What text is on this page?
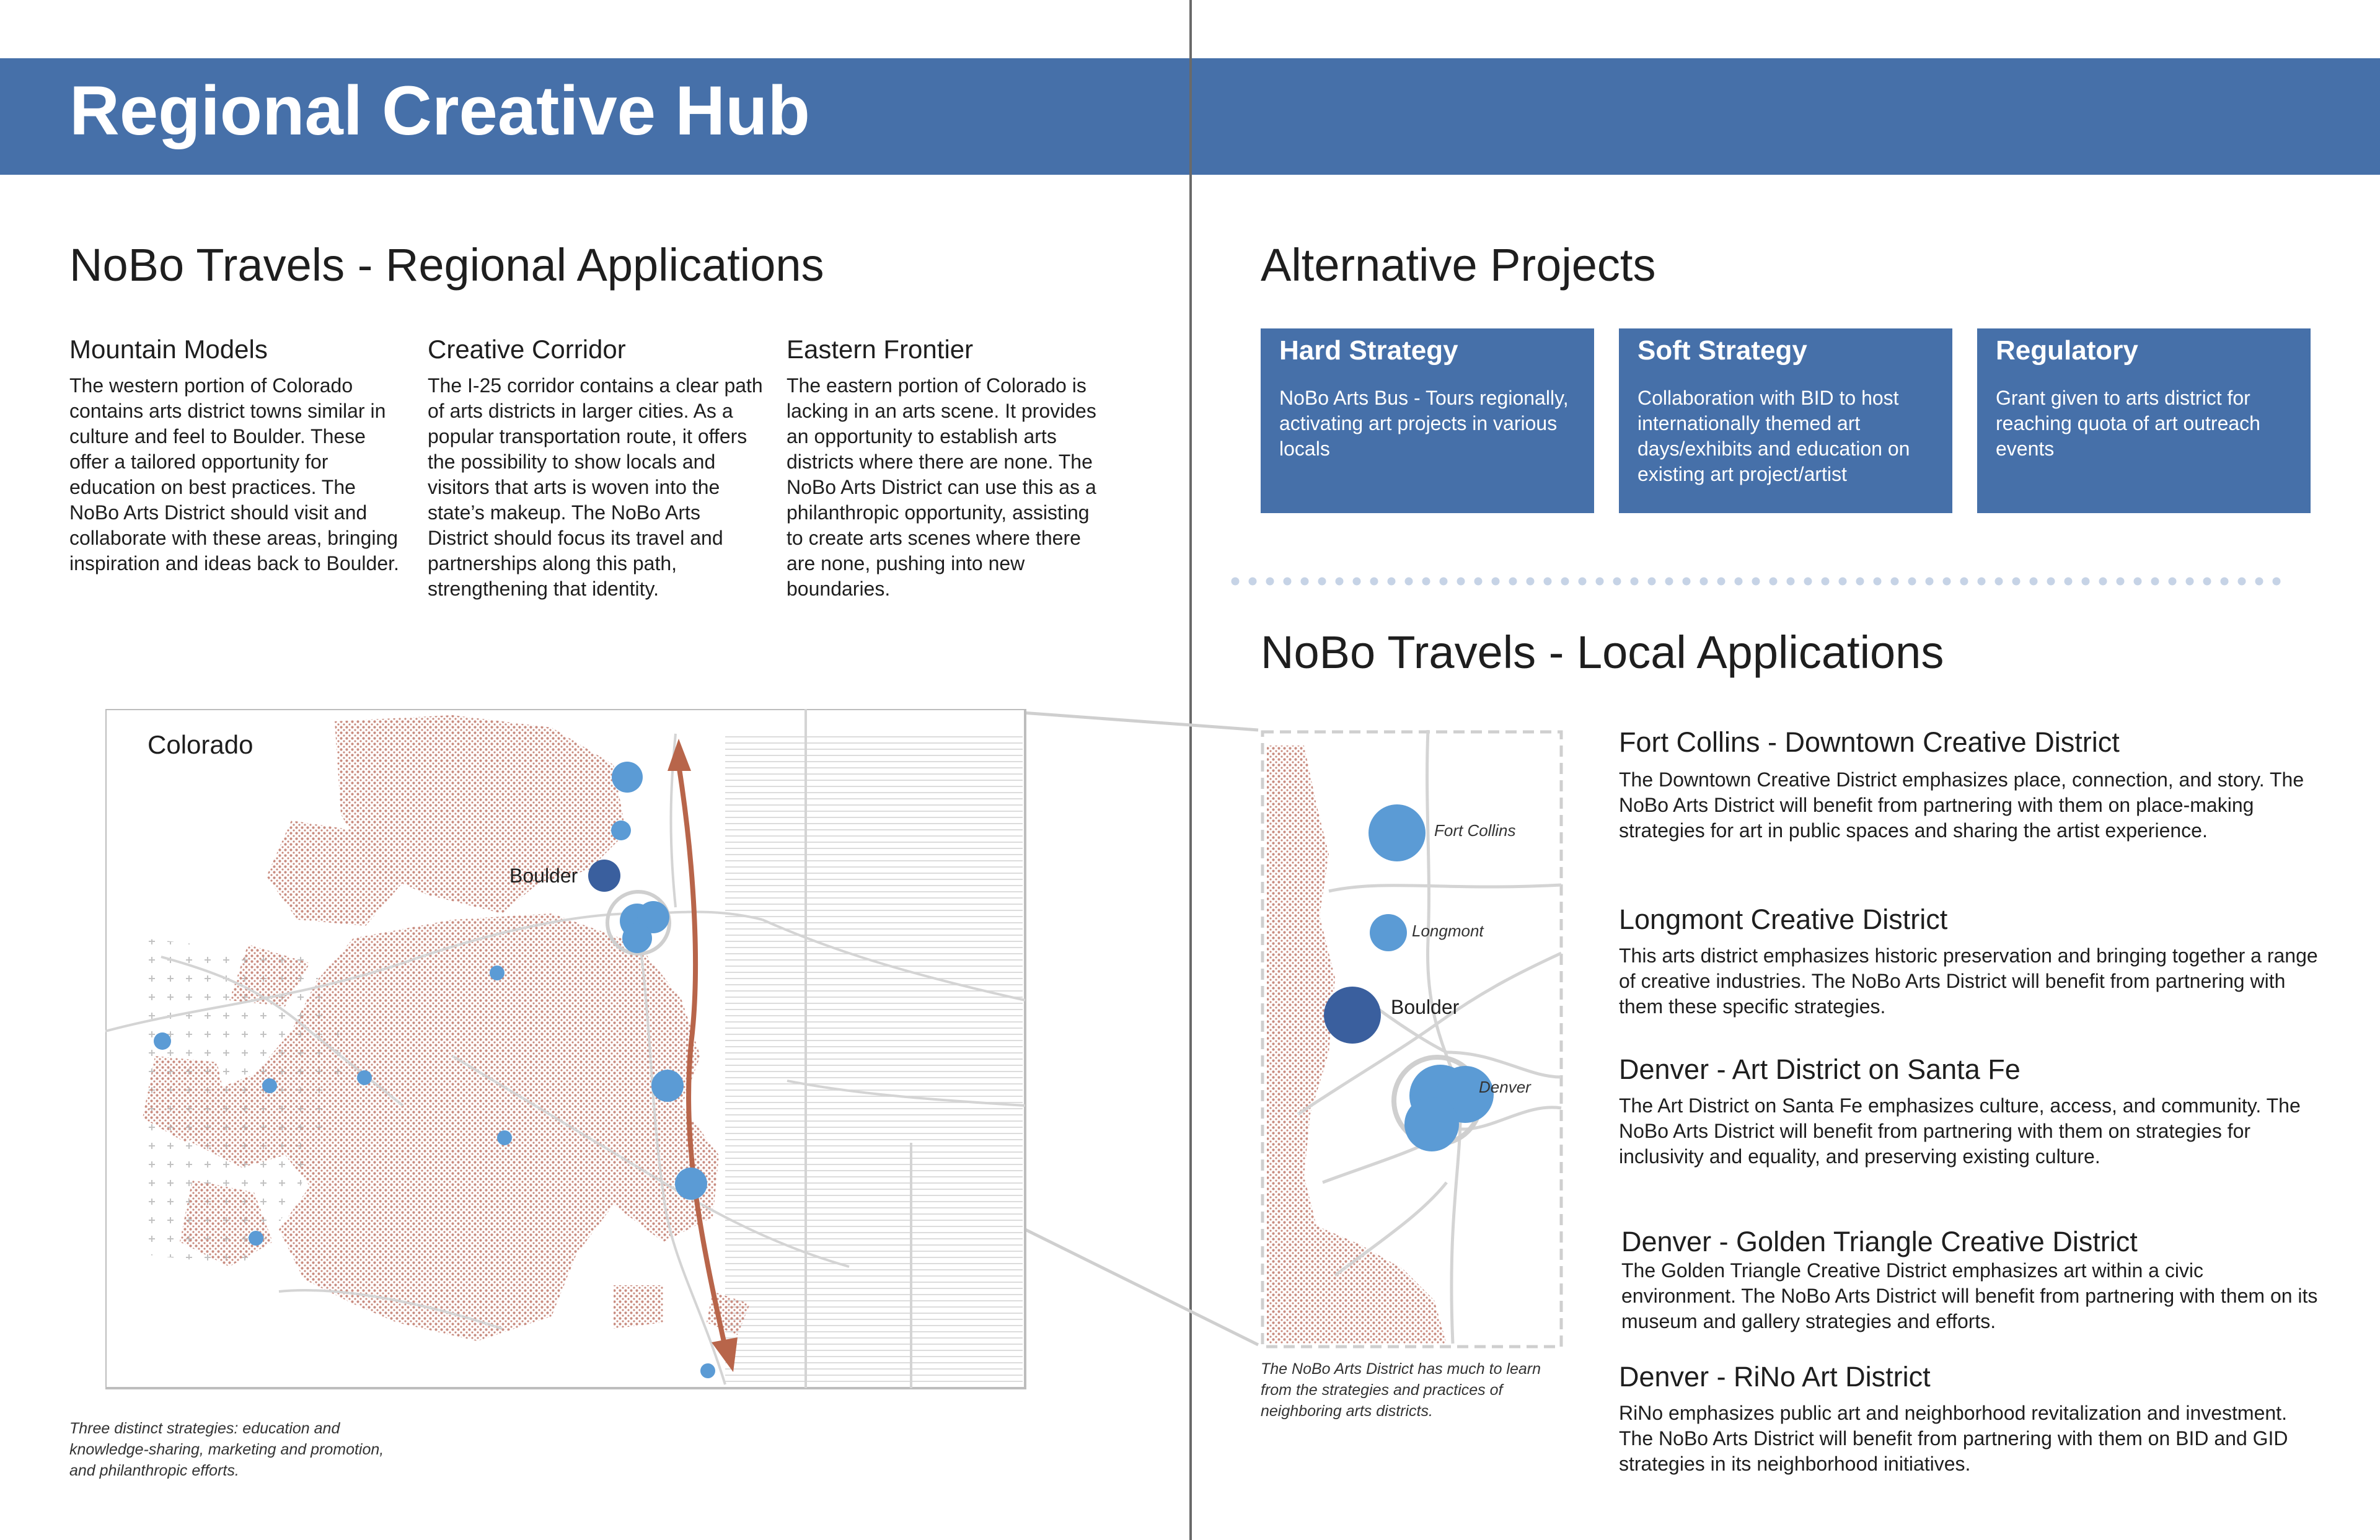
Regional Creative Hub
NoBo Travels - Regional Applications
Mountain Models

The western portion of Colorado contains arts district towns similar in culture and feel to Boulder. These offer a tailored opportunity for education on best practices. The NoBo Arts District should visit and collaborate with these areas, bringing inspiration and ideas back to Boulder.

Creative Corridor

The I-25 corridor contains a clear path of arts districts in larger cities. As a popular transportation route, it offers the possibility to show locals and visitors that arts is woven into the state’s makeup. The NoBo Arts District should focus its travel and partnerships along this path, strengthening that identity.

Eastern Frontier

The eastern portion of Colorado is lacking in an arts scene. It provides an opportunity to establish arts districts where there are none. The NoBo Arts District can use this as a philanthropic opportunity, assisting to create arts scenes where there are none, pushing into new boundaries.

Colorado
Boulder

Three distinct strategies: education and knowledge-sharing, marketing and promotion, and philanthropic efforts.

Alternative Projects
Hard Strategy
NoBo Arts Bus - Tours regionally, activating art projects in various locals
Soft Strategy
Collaboration with BID to host internationally themed art days/exhibits and education on existing art project/artist
Regulatory
Grant given to arts district for reaching quota of art outreach events
NoBo Travels - Local Applications
Fort Collins
Longmont
Boulder
Denver

The NoBo Arts District has much to learn from the strategies and practices of neighboring arts districts.

Fort Collins - Downtown Creative District

The Downtown Creative District emphasizes place, connection, and story. The NoBo Arts District will benefit from partnering with them on place-making strategies for art in public spaces and sharing the artist experience.

Longmont Creative District

This arts district emphasizes historic preservation and bringing together a range of creative industries. The NoBo Arts District will benefit from partnering with them these specific strategies.

Denver - Art District on Santa Fe

The Art District on Santa Fe emphasizes culture, access, and community. The NoBo Arts District will benefit from partnering with them on strategies for inclusivity and equality, and preserving existing culture.

Denver - Golden Triangle Creative District

The Golden Triangle Creative District emphasizes art within a civic environment. The NoBo Arts District will benefit from partnering with them on its museum and gallery strategies and efforts.

Denver - RiNo Art District

RiNo emphasizes public art and neighborhood revitalization and investment. The NoBo Arts District will benefit from partnering with them on BID and GID strategies in its neighborhood initiatives.
